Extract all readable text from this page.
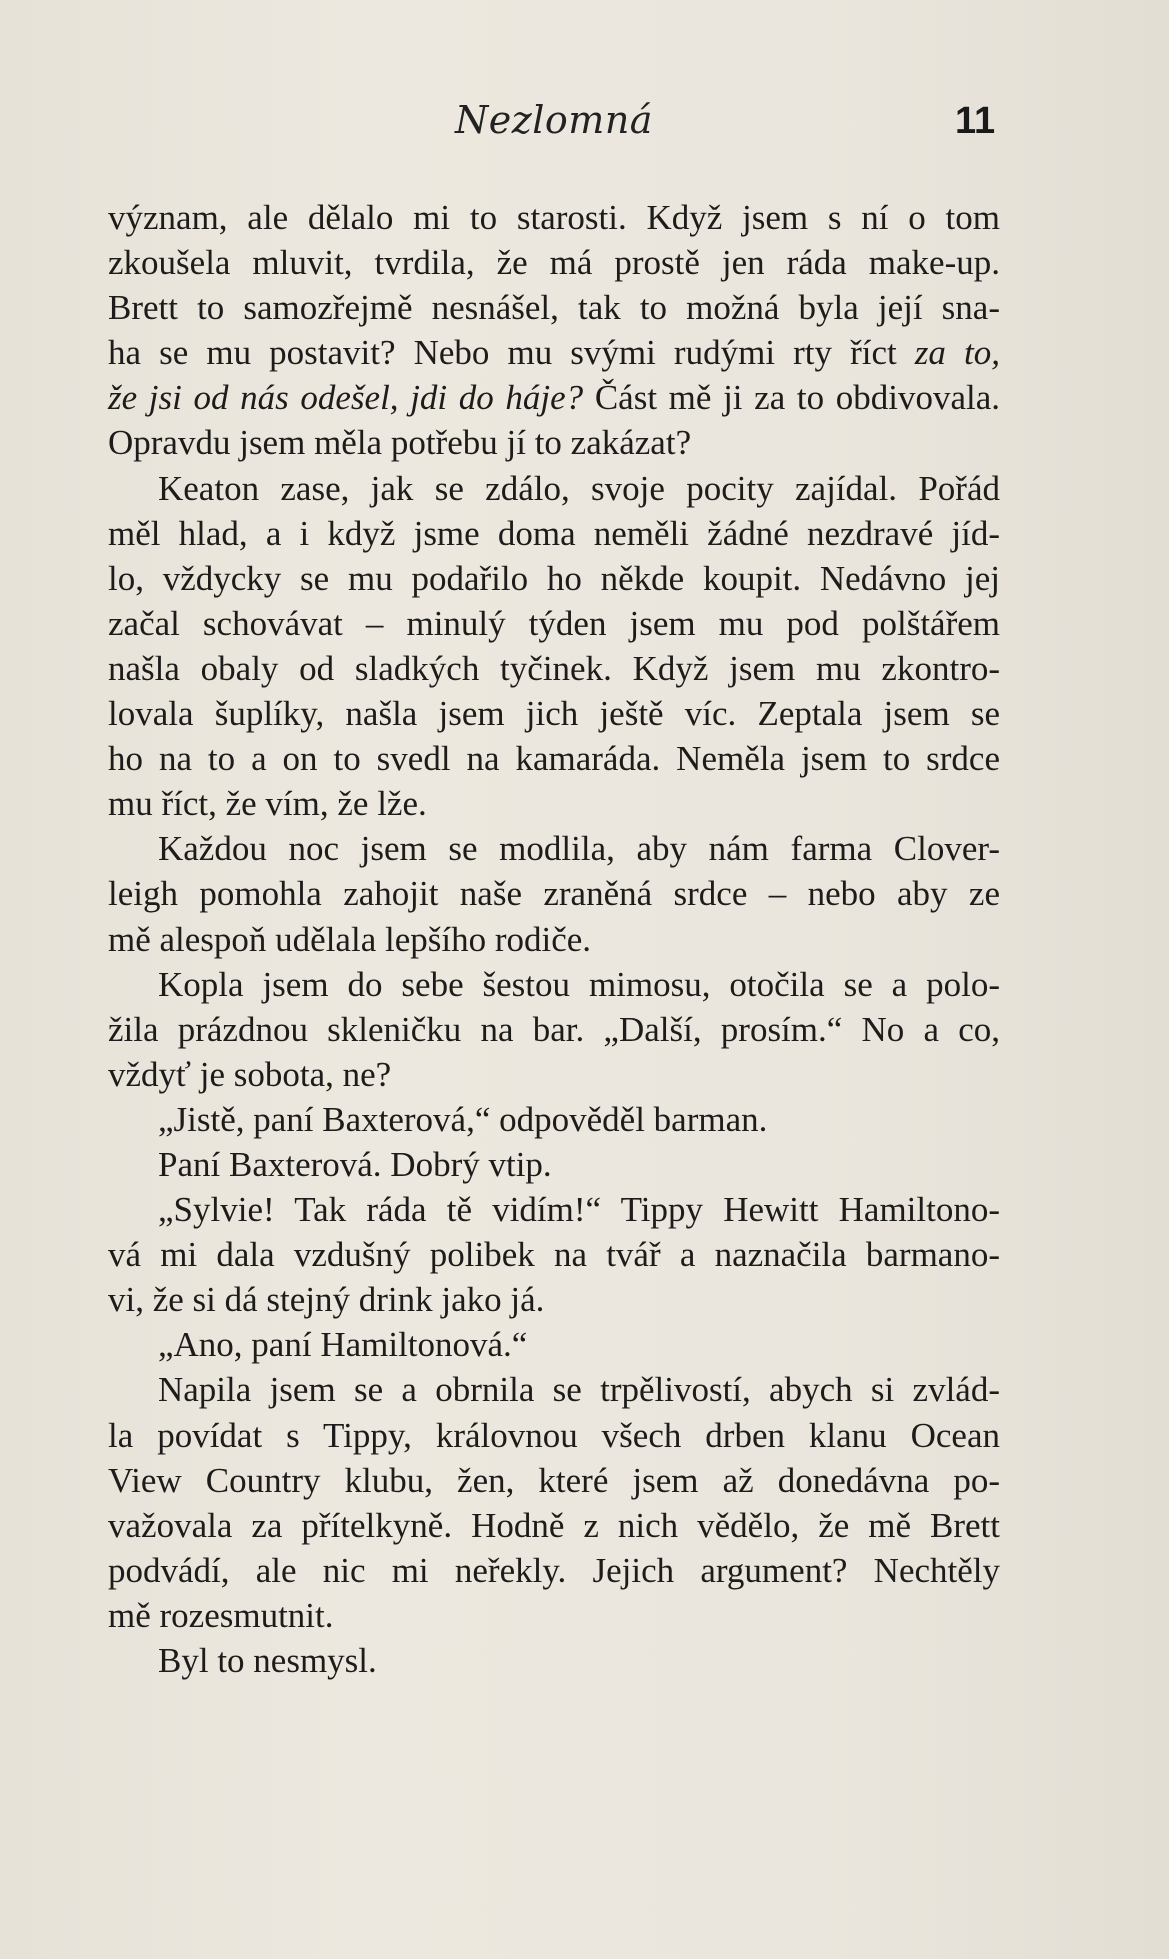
Nezlomná	11
význam, ale dělalo mi to starosti. Když jsem s ní o tom
zkoušela mluvit, tvrdila, že má prostě jen ráda make-up.
Brett to samozřejmě nesnášel, tak to možná byla její sna-
ha se mu postavit? Nebo mu svými rudými rty říct za to,
že jsi od nás odešel, jdi do háje? Část mě ji za to obdivovala.
Opravdu jsem měla potřebu jí to zakázat?
Keaton zase, jak se zdálo, svoje pocity zajídal. Pořád
měl hlad, a i když jsme doma neměli žádné nezdravé jíd-
lo, vždycky se mu podařilo ho někde koupit. Nedávno jej
začal schovávat – minulý týden jsem mu pod polštářem
našla obaly od sladkých tyčinek. Když jsem mu zkontro-
lovala šuplíky, našla jsem jich ještě víc. Zeptala jsem se
ho na to a on to svedl na kamaráda. Neměla jsem to srdce
mu říct, že vím, že lže.
Každou noc jsem se modlila, aby nám farma Clover-
leigh pomohla zahojit naše zraněná srdce – nebo aby ze
mě alespoň udělala lepšího rodiče.
Kopla jsem do sebe šestou mimosu, otočila se a polo-
žila prázdnou skleničku na bar. „Další, prosím.“ No a co,
vždyť je sobota, ne?
„Jistě, paní Baxterová,“ odpověděl barman.
Paní Baxterová. Dobrý vtip.
„Sylvie! Tak ráda tě vidím!“ Tippy Hewitt Hamiltono-
vá mi dala vzdušný polibek na tvář a naznačila barmano-
vi, že si dá stejný drink jako já.
„Ano, paní Hamiltonová.“
Napila jsem se a obrnila se trpělivostí, abych si zvlád-
la povídat s Tippy, královnou všech drben klanu Ocean
View Country klubu, žen, které jsem až donedávna po-
važovala za přítelkyně. Hodně z nich vědělo, že mě Brett
podvádí, ale nic mi neřekly. Jejich argument? Nechtěly
mě rozesmutnit.
Byl to nesmysl.
